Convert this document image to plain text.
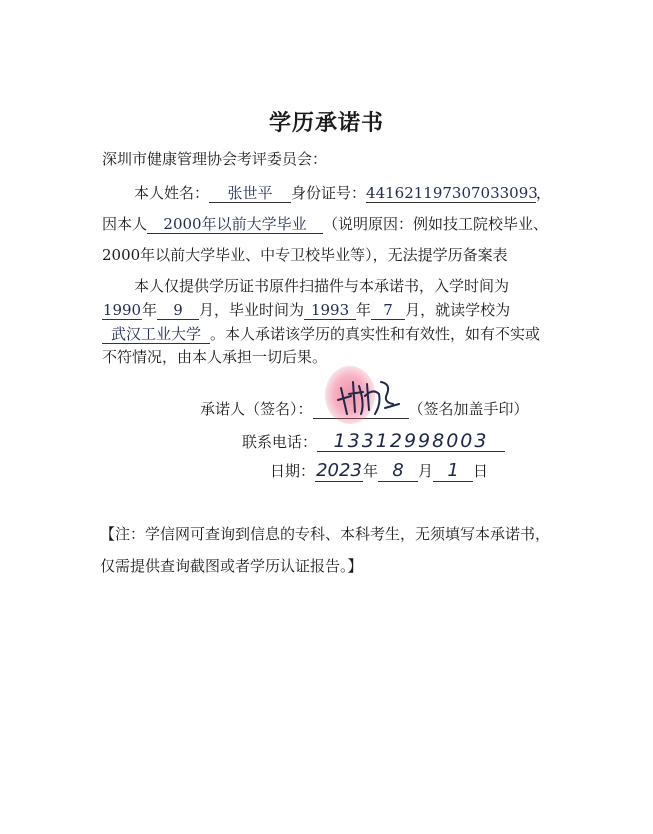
学历承诺书
深圳市健康管理协会考评委员会：
本人姓名： 张世平 身份证号：441621197307033093，
因本人 2000年以前大学毕业 （说明原因：例如技工院校毕业、
2000年以前大学毕业、中专卫校毕业等），无法提学历备案表
本人仅提供学历证书原件扫描件与本承诺书，入学时间为
1990年 9 月，毕业时间为 1993 年 7 月，就读学校为
武汉工业大学 。本人承诺该学历的真实性和有效性，如有不实或
不符情况，由本人承担一切后果。
承诺人（签名）：	（签名加盖手印）
联系电话： 13312998003
日期：2023年 8 月 1 日
【注：学信网可查询到信息的专科、本科考生，无须填写本承诺书，
仅需提供查询截图或者学历认证报告。】
